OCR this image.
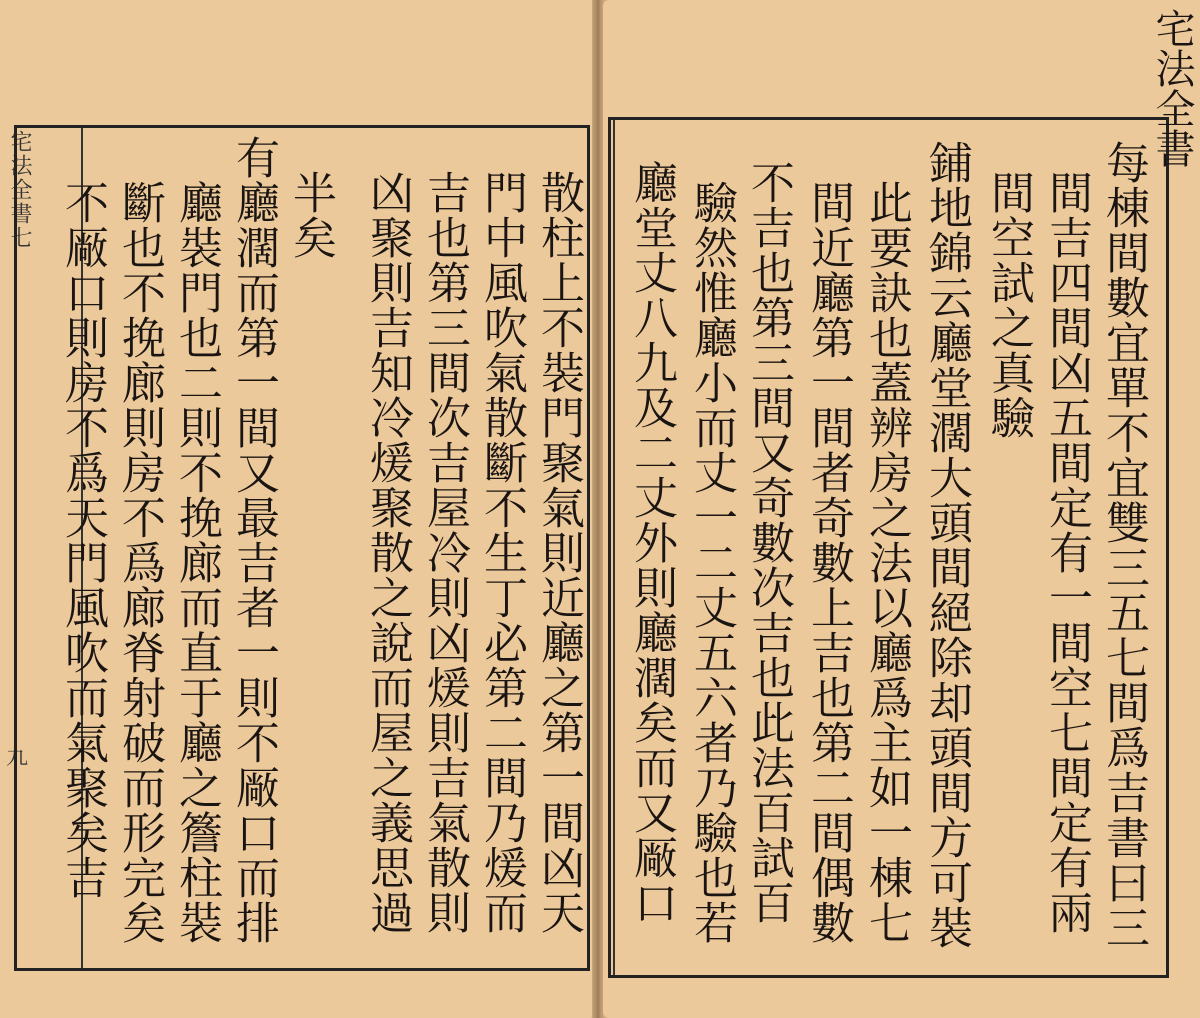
宅法全書七
九
　	散柱上不裝門聚氣則近廳之第一間凶天
門中風吹氣散斷不生丁必第二間乃煖而
吉也第三間次吉屋冷則凶煖則吉氣散則
凶聚則吉知冷煖聚散之說而屋之義思過
半矣
有廳濶而第一間又最吉者一則不厰口而排
廳裝門也二則不挽廊而直于廳之簷柱裝
斷也不挽廊則房不爲廊脊射破而形完矣
不厰口則房不爲天門風吹而氣聚矣吉
宅法全書
每棟間數宜單不宜雙三五七間爲吉書曰三
間吉四間凶五間定有一間空七間定有兩
間空試之真驗
鋪地錦云廳堂濶大頭間絕除却頭間方可裝
此要訣也蓋辨房之法以廳爲主如一棟七
間近廳第一間者奇數上吉也第二間偶數
不吉也第三間又奇數次吉也此法百試百
驗然惟廳小而丈一二丈五六者乃驗也若
廳堂丈八九及二丈外則廳濶矣而又厰口
